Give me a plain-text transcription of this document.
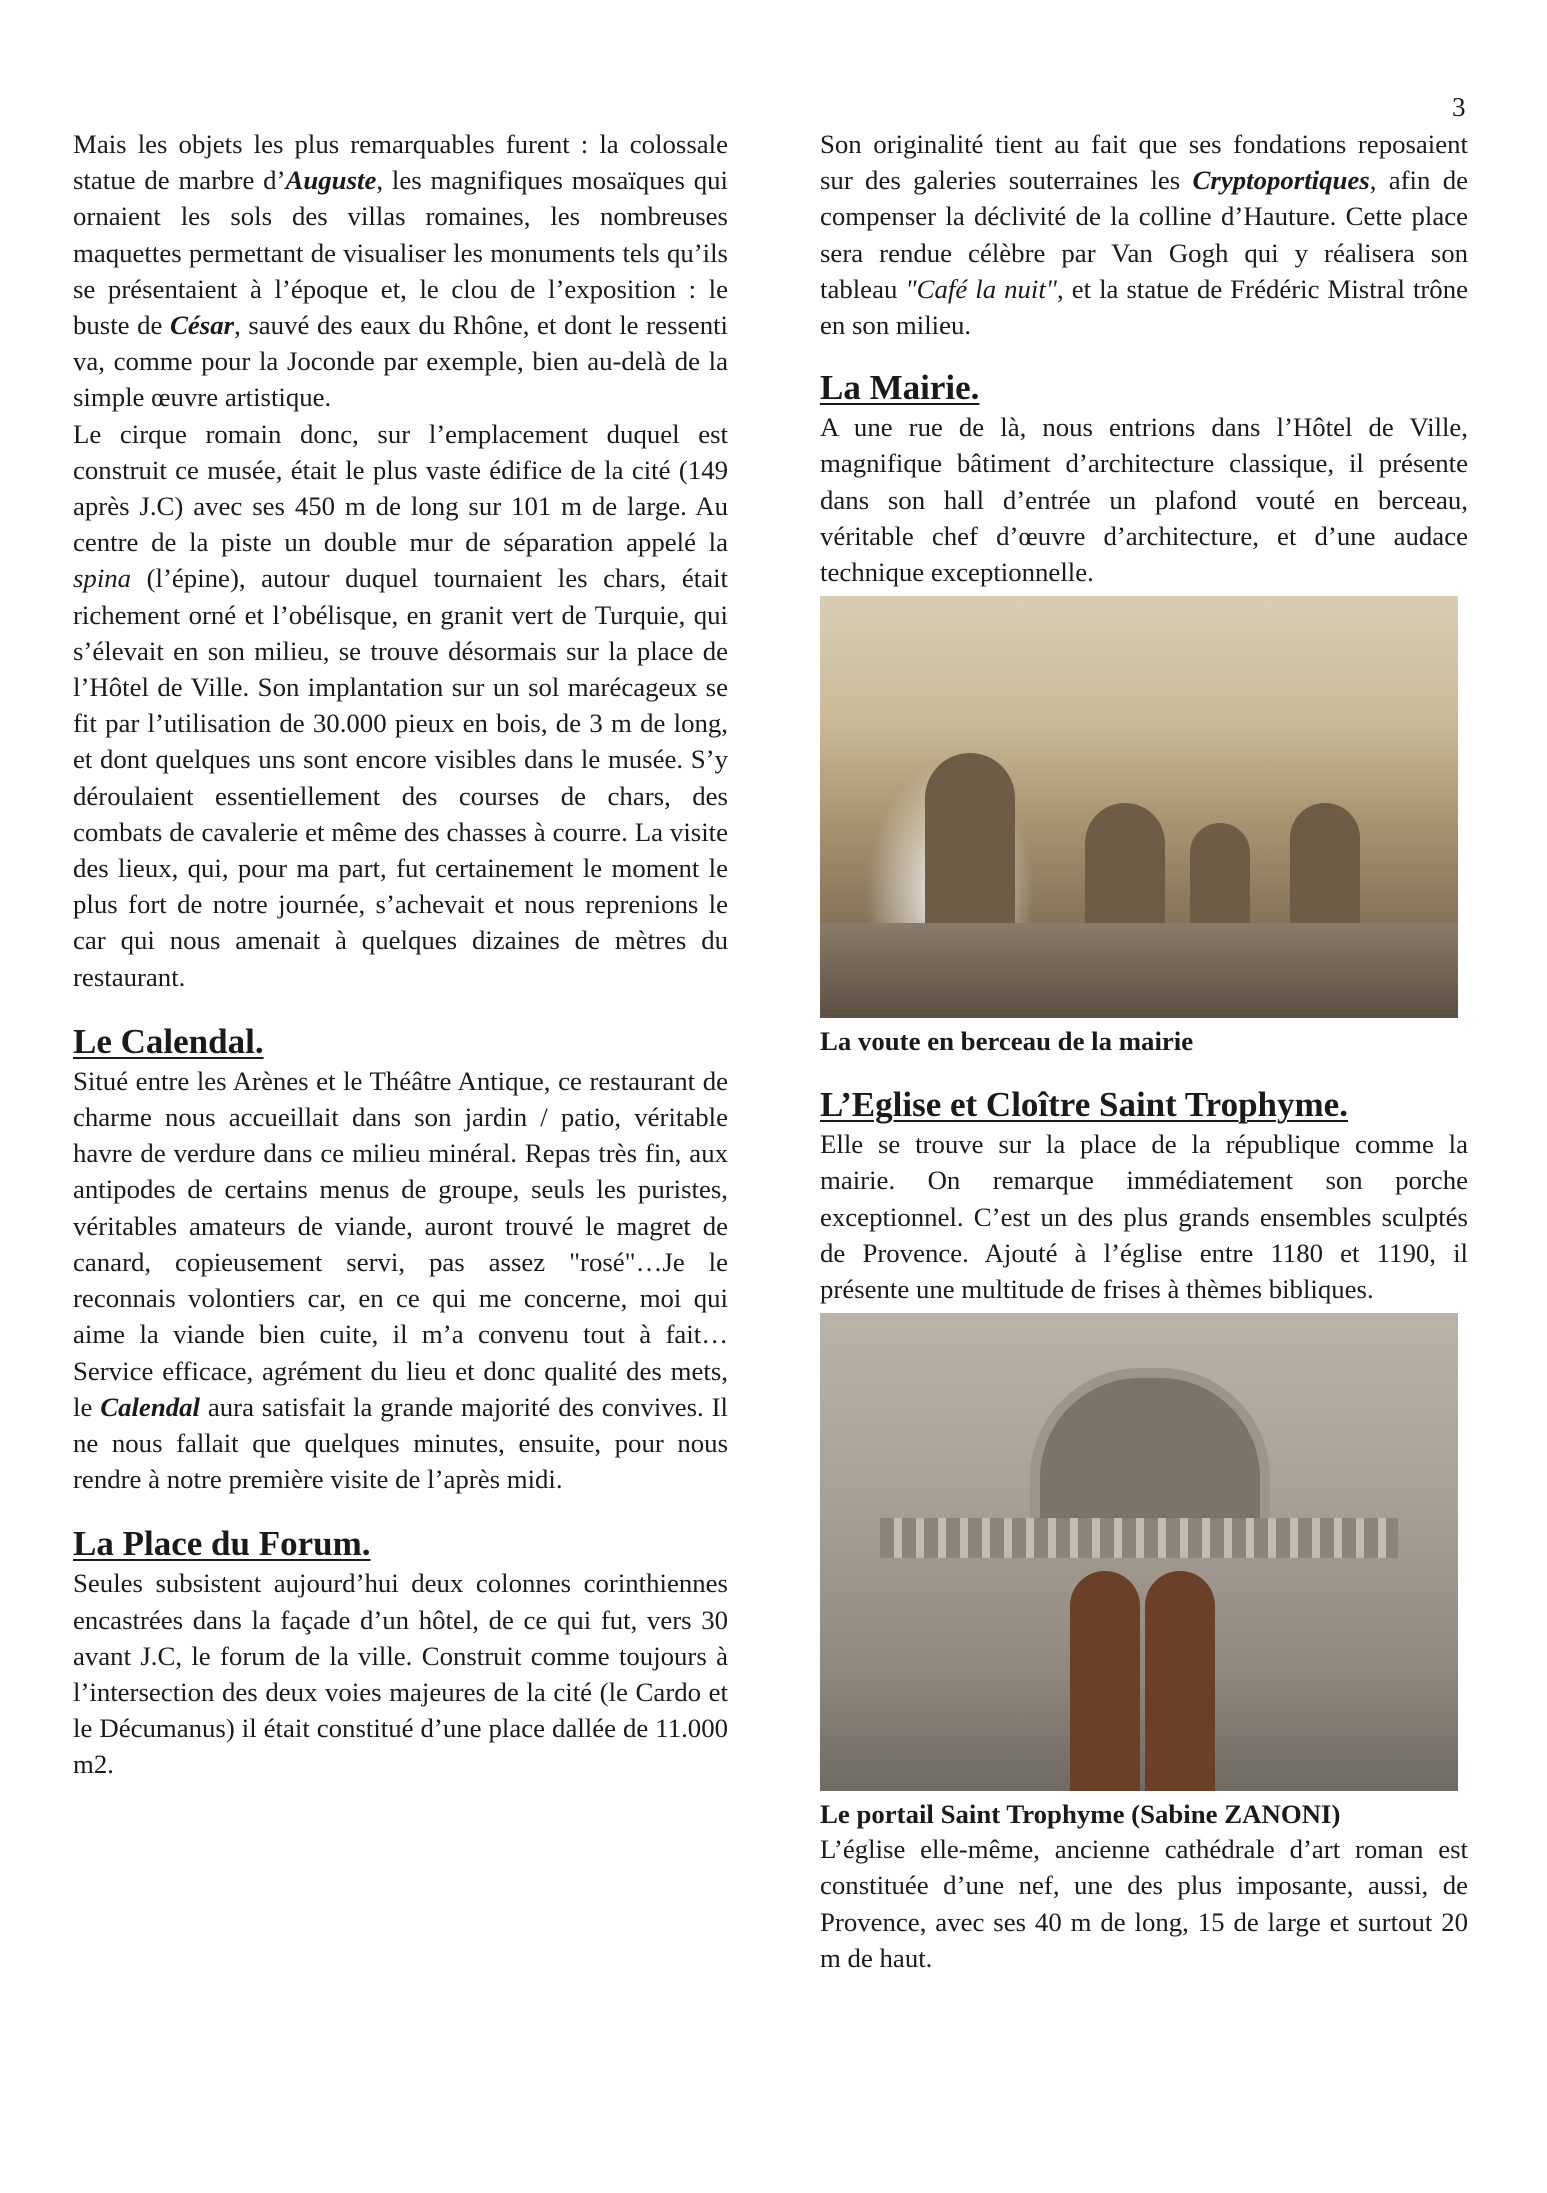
3

Mais les objets les plus remarquables furent : la colossale statue de marbre d’Auguste, les magnifiques mosaïques qui ornaient les sols des villas romaines, les nombreuses maquettes permettant de visualiser les monuments tels qu’ils se présentaient à l’époque et, le clou de l’exposition : le buste de César, sauvé des eaux du Rhône, et dont le ressenti va, comme pour la Joconde par exemple, bien au-delà de la simple œuvre artistique.

Le cirque romain donc, sur l’emplacement duquel est construit ce musée, était le plus vaste édifice de la cité (149 après J.C) avec ses 450 m de long sur 101 m de large. Au centre de la piste un double mur de séparation appelé la spina (l’épine), autour duquel tournaient les chars, était richement orné et l’obélisque, en granit vert de Turquie, qui s’élevait en son milieu, se trouve désormais sur la place de l’Hôtel de Ville. Son implantation sur un sol marécageux se fit par l’utilisation de 30.000 pieux en bois, de 3 m de long, et dont quelques uns sont encore visibles dans le musée. S’y déroulaient essentiellement des courses de chars, des combats de cavalerie et même des chasses à courre. La visite des lieux, qui, pour ma part, fut certainement le moment le plus fort de notre journée, s’achevait et nous reprenions le car qui nous amenait à quelques dizaines de mètres du restaurant.

Le Calendal.

Situé entre les Arènes et le Théâtre Antique, ce restaurant de charme nous accueillait dans son jardin / patio, véritable havre de verdure dans ce milieu minéral. Repas très fin, aux antipodes de certains menus de groupe, seuls les puristes, véritables amateurs de viande, auront trouvé le magret de canard, copieusement servi, pas assez "rosé"…Je le reconnais volontiers car, en ce qui me concerne, moi qui aime la viande bien cuite, il m’a convenu tout à fait…Service efficace, agrément du lieu et donc qualité des mets, le Calendal aura satisfait la grande majorité des convives. Il ne nous fallait que quelques minutes, ensuite, pour nous rendre à notre première visite de l’après midi.

La Place du Forum.

Seules subsistent aujourd’hui deux colonnes corinthiennes encastrées dans la façade d’un hôtel, de ce qui fut, vers 30 avant J.C, le forum de la ville. Construit comme toujours à l’intersection des deux voies majeures de la cité (le Cardo et le Décumanus) il était constitué d’une place dallée de 11.000 m2.

Son originalité tient au fait que ses fondations reposaient sur des galeries souterraines les Cryptoportiques, afin de compenser la déclivité de la colline d’Hauture. Cette place sera rendue célèbre par Van Gogh qui y réalisera son tableau "Café la nuit", et la statue de Frédéric Mistral trône en son milieu.

La Mairie.

A une rue de là, nous entrions dans l’Hôtel de Ville, magnifique bâtiment d’architecture classique, il présente dans son hall d’entrée un plafond vouté en berceau, véritable chef d’œuvre d’architecture, et d’une audace technique exceptionnelle.

La voute en berceau de la mairie
L’Eglise et Cloître Saint Trophyme.

Elle se trouve sur la place de la république comme la mairie. On remarque immédiatement son porche exceptionnel. C’est un des plus grands ensembles sculptés de Provence. Ajouté à l’église entre 1180 et 1190, il présente une multitude de frises à thèmes bibliques.

Le portail Saint Trophyme (Sabine ZANONI)

L’église elle-même, ancienne cathédrale d’art roman est constituée d’une nef, une des plus imposante, aussi, de Provence, avec ses 40 m de long, 15 de large et surtout 20 m de haut.
